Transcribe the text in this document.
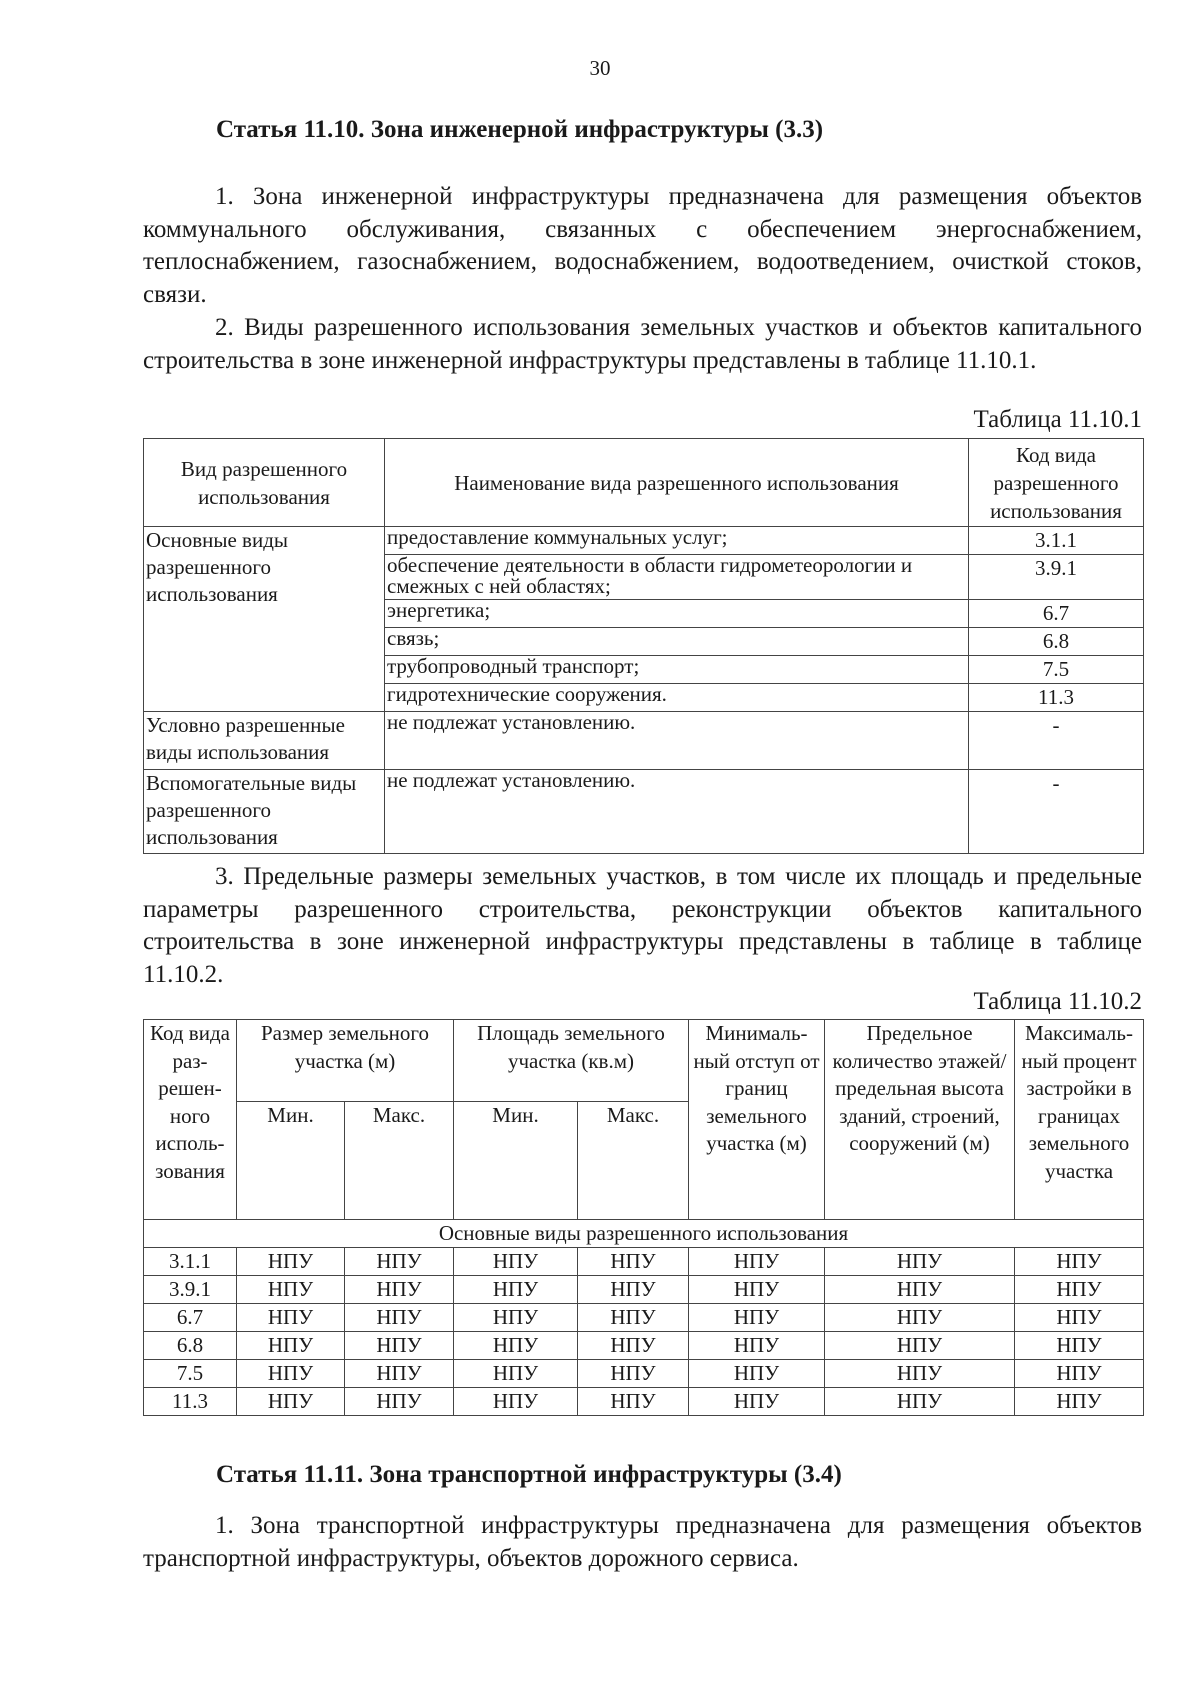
30
Статья 11.10. Зона инженерной инфраструктуры (3.3)

1. Зона инженерной инфраструктуры предназначена для размещения объектов коммунального обслуживания, связанных с обеспечением энергоснабжением, теплоснабжением, газоснабжением, водоснабжением, водоотведением, очисткой стоков, связи.

2. Виды разрешенного использования земельных участков и объектов капитального строительства в зоне инженерной инфраструктуры представлены в таблице 11.10.1.

Таблица 11.10.1
Вид разрешенного использования	Наименование вида разрешенного использования	Код вида разрешенного использования
Основные виды разрешенного использования	предоставление коммунальных услуг;	3.1.1
	обеспечение деятельности в области гидрометеорологии и смежных с ней областях;	3.9.1
	энергетика;	6.7
	связь;	6.8
	трубопроводный транспорт;	7.5
	гидротехнические сооружения.	11.3
Условно разрешенные виды использования	не подлежат установлению.	-
Вспомогательные виды разрешенного использования	не подлежат установлению.	-

3. Предельные размеры земельных участков, в том числе их площадь и предельные параметры разрешенного строительства, реконструкции объектов капитального строительства в зоне инженерной инфраструктуры представлены в таблице в таблице 11.10.2.

Таблица 11.10.2
Код вида раз-решен-ного исполь-зования	Размер земельного участка (м)		Площадь земельного участка (кв.м)		Минималь-ный отступ от границ земельного участка (м)	Предельное количество этажей/ предельная высота зданий, строений, сооружений (м)	Максималь-ный процент застройки в границах земельного участка
	Мин.	Макс.	Мин.	Макс.			
Основные виды разрешенного использования							
3.1.1	НПУ	НПУ	НПУ	НПУ	НПУ	НПУ	НПУ
3.9.1	НПУ	НПУ	НПУ	НПУ	НПУ	НПУ	НПУ
6.7	НПУ	НПУ	НПУ	НПУ	НПУ	НПУ	НПУ
6.8	НПУ	НПУ	НПУ	НПУ	НПУ	НПУ	НПУ
7.5	НПУ	НПУ	НПУ	НПУ	НПУ	НПУ	НПУ
11.3	НПУ	НПУ	НПУ	НПУ	НПУ	НПУ	НПУ
Статья 11.11. Зона транспортной инфраструктуры (3.4)

1. Зона транспортной инфраструктуры предназначена для размещения объектов транспортной инфраструктуры, объектов дорожного сервиса.
